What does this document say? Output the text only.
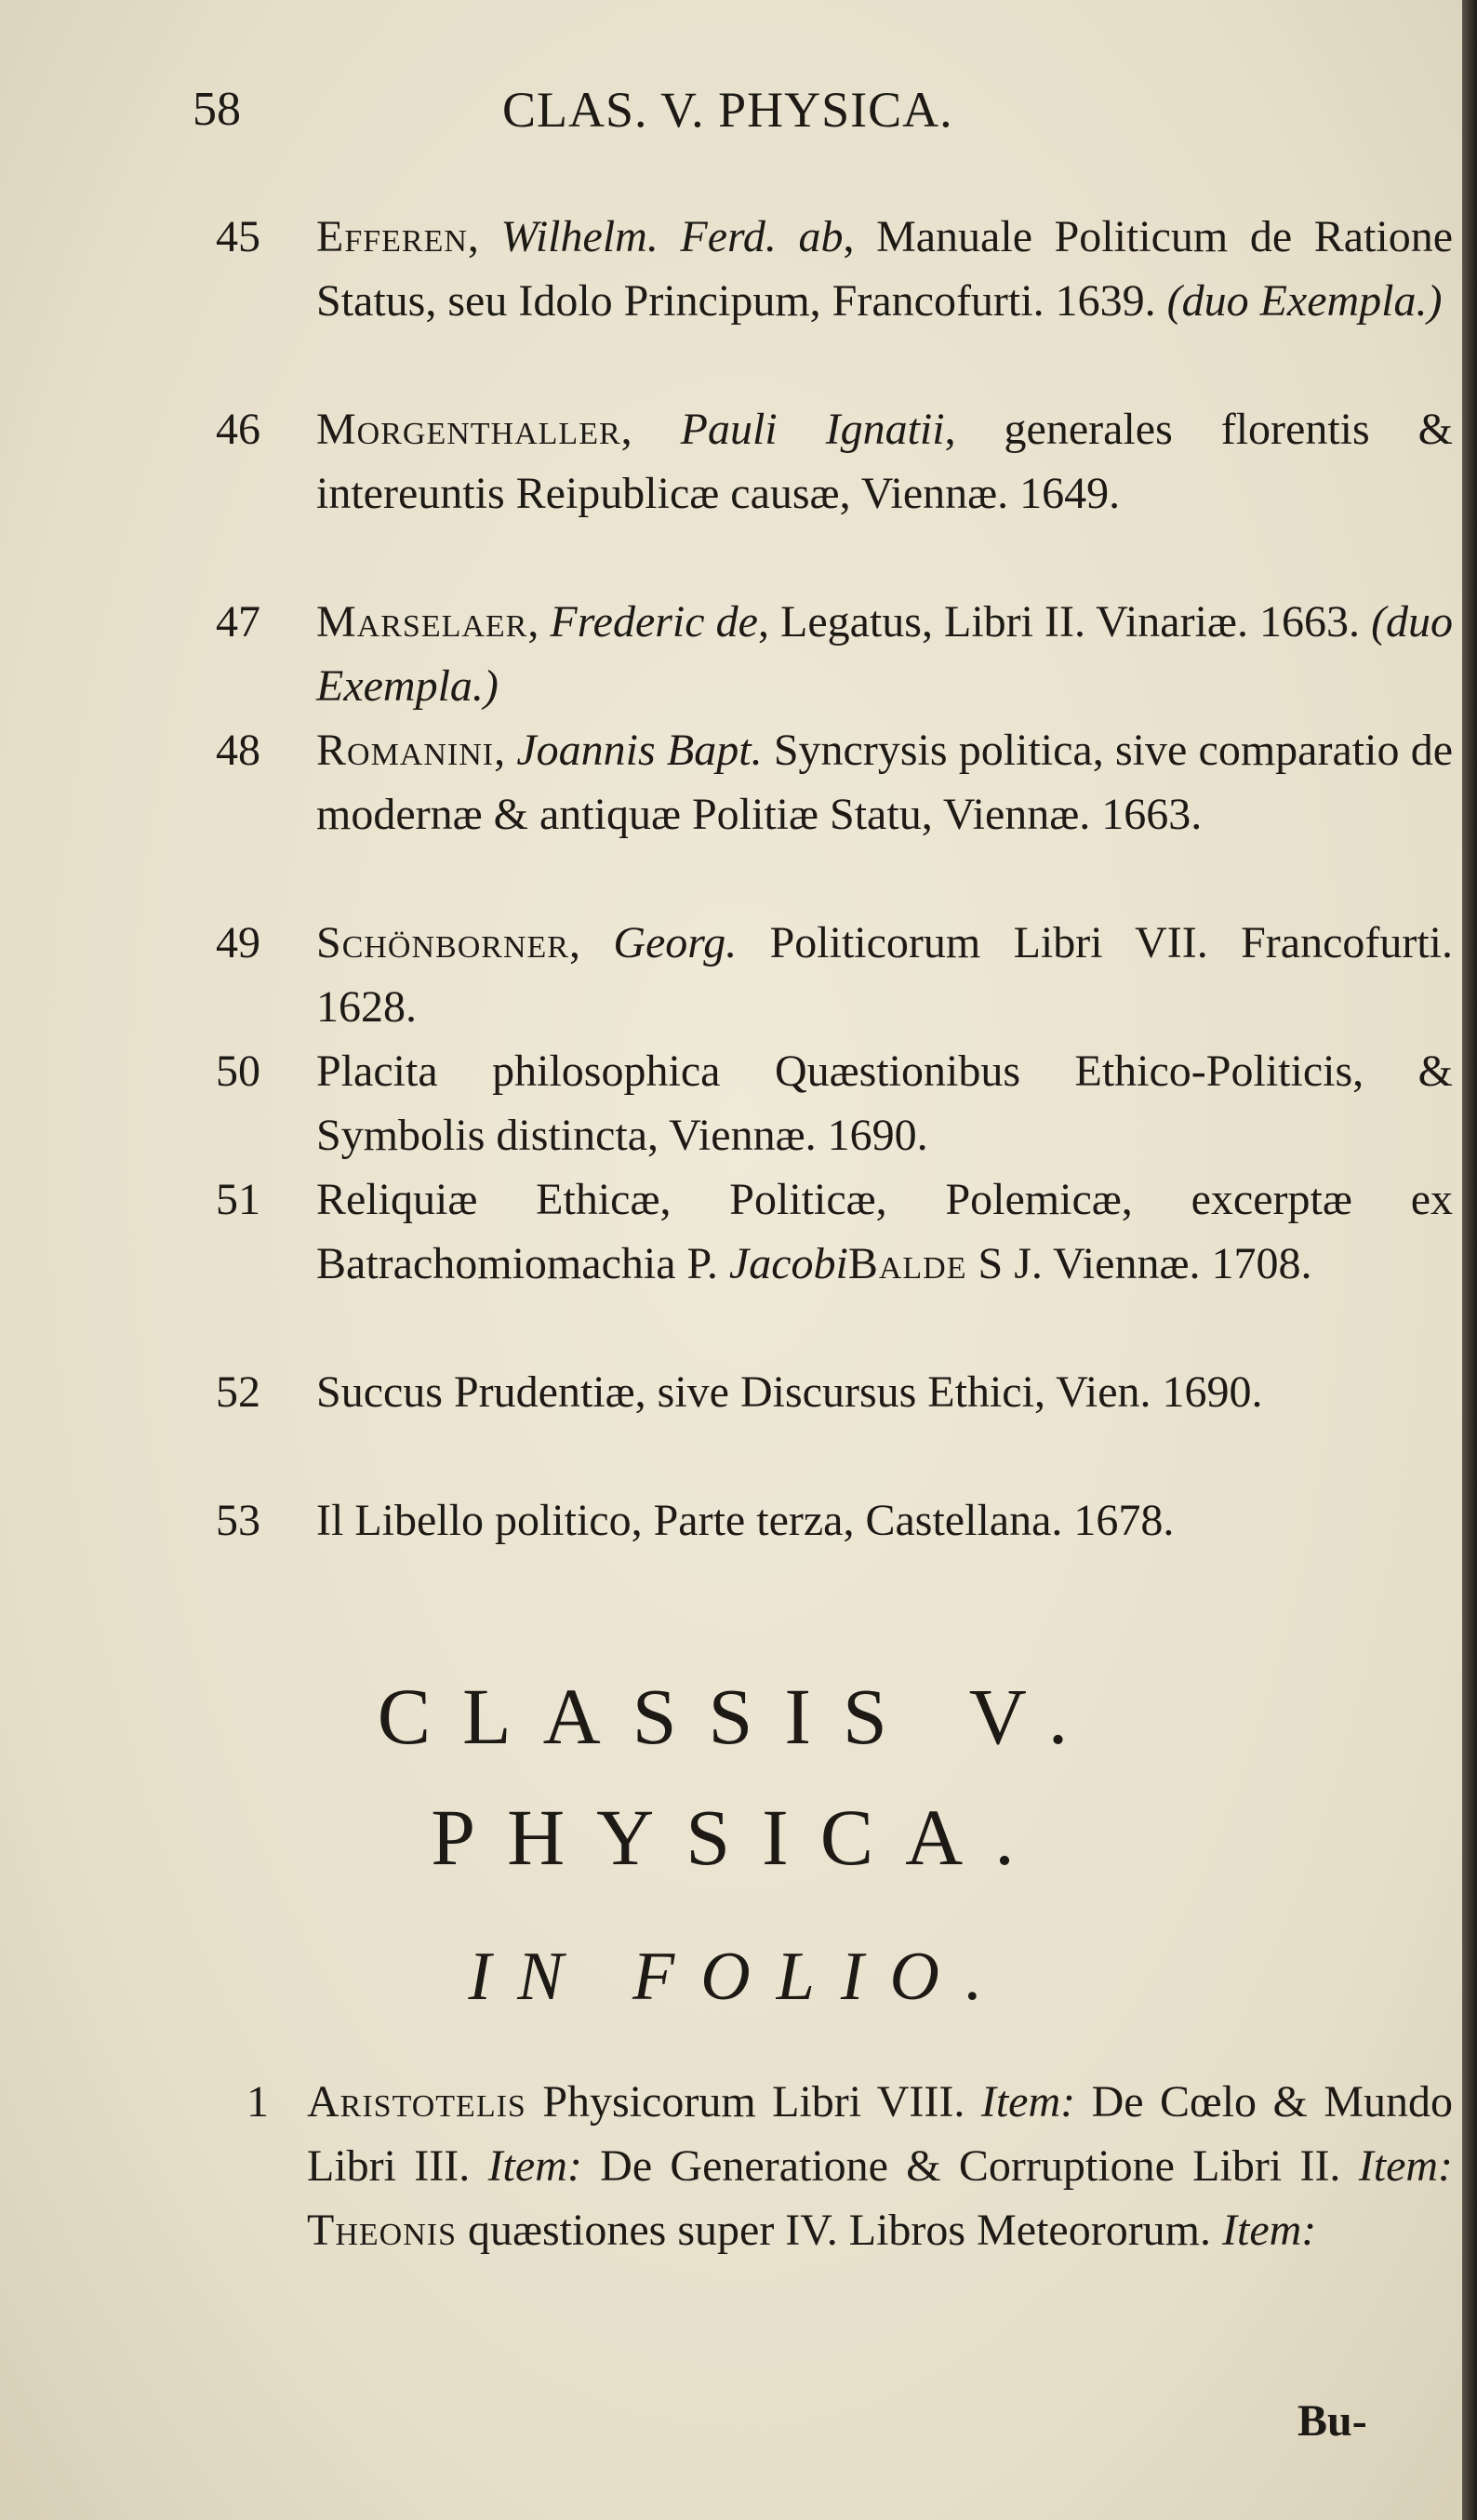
58	CLAS. V. PHYSICA.
45	Efferen, Wilhelm. Ferd. ab, Manuale Politicum de Ratione Status, seu Idolo Principum, Francofurti. 1639. (duo Exempla.)
46	Morgenthaller, Pauli Ignatii, generales florentis & intereuntis Reipublicæ causæ, Viennæ. 1649.
47	Marselaer, Frederic de, Legatus, Libri II. Vinariæ. 1663. (duo Exempla.)
48	Romanini, Joannis Bapt. Syncrysis politica, sive comparatio de modernæ & antiquæ Politiæ Statu, Viennæ. 1663.
49	Schönborner, Georg. Politicorum Libri VII. Francofurti. 1628.
50	Placita philosophica Quæstionibus Ethico-Politicis, & Symbolis distincta, Viennæ. 1690.
51	Reliquiæ Ethicæ, Politicæ, Polemicæ, excerptæ ex Batrachomiomachia P. JacobiBalde S J. Viennæ. 1708.
52	Succus Prudentiæ, sive Discursus Ethici, Vien. 1690.
53	Il Libello politico, Parte terza, Castellana. 1678.
CLASSIS V.
PHYSICA.
IN FOLIO.
1 Aristotelis Physicorum Libri VIII. Item: De Cœlo & Mundo Libri III. Item: De Generatione & Corruptione Libri II. Item: Theonis quæstiones super IV. Libros Meteororum. Item:
Bu-
